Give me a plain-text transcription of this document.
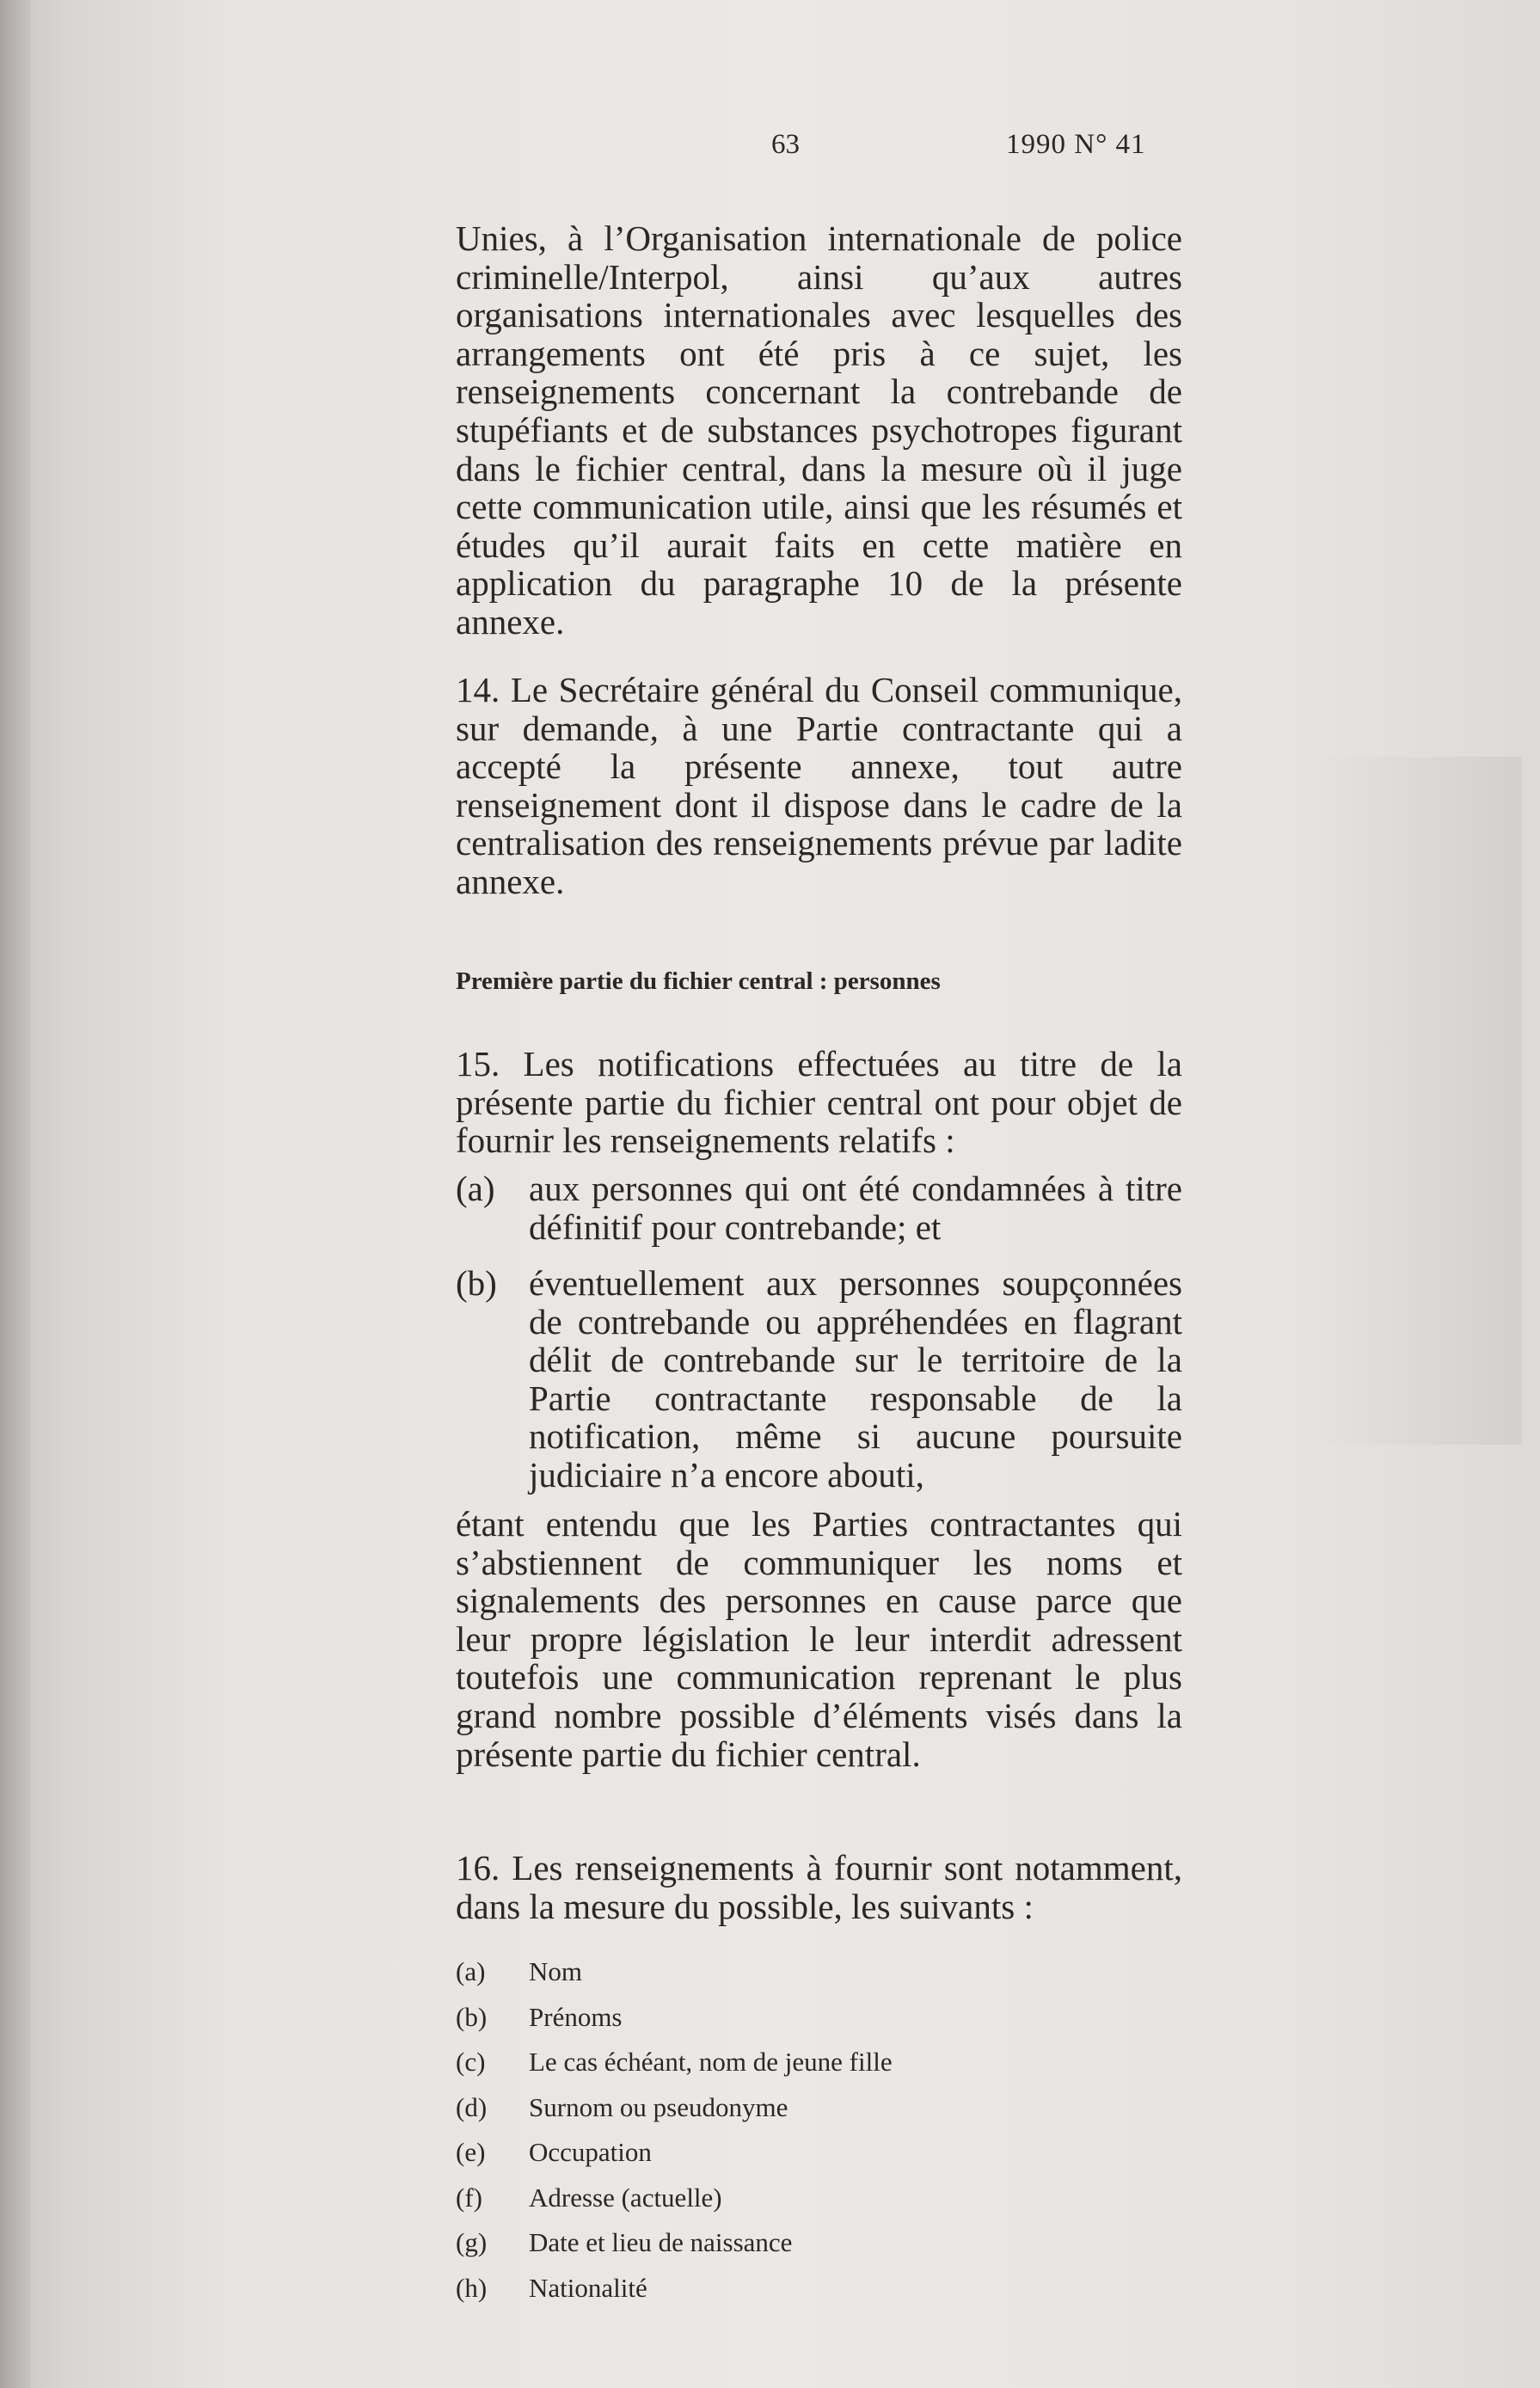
63	1990 N° 41
Unies, à l’Organisation internationale de police criminelle/Interpol, ainsi qu’aux autres organisations internationales avec lesquelles des arrangements ont été pris à ce sujet, les renseignements concernant la contrebande de stupéfiants et de substances psychotropes figurant dans le fichier central, dans la mesure où il juge cette communication utile, ainsi que les résumés et études qu’il aurait faits en cette matière en application du paragraphe 10 de la présente annexe.
14. Le Secrétaire général du Conseil communique, sur demande, à une Partie contractante qui a accepté la présente annexe, tout autre renseignement dont il dispose dans le cadre de la centralisation des renseignements prévue par ladite annexe.
Première partie du fichier central : personnes
15. Les notifications effectuées au titre de la présente partie du fichier central ont pour objet de fournir les renseignements relatifs :
(a) aux personnes qui ont été condamnées à titre définitif pour contrebande; et
(b) éventuellement aux personnes soupçonnées de contrebande ou appréhendées en flagrant délit de contrebande sur le territoire de la Partie contractante responsable de la notification, même si aucune poursuite judiciaire n’a encore abouti,
étant entendu que les Parties contractantes qui s’abstiennent de communiquer les noms et signalements des personnes en cause parce que leur propre législation le leur interdit adressent toutefois une communication reprenant le plus grand nombre possible d’éléments visés dans la présente partie du fichier central.
16. Les renseignements à fournir sont notamment, dans la mesure du possible, les suivants :
(a) Nom
(b) Prénoms
(c) Le cas échéant, nom de jeune fille
(d) Surnom ou pseudonyme
(e) Occupation
(f) Adresse (actuelle)
(g) Date et lieu de naissance
(h) Nationalité
